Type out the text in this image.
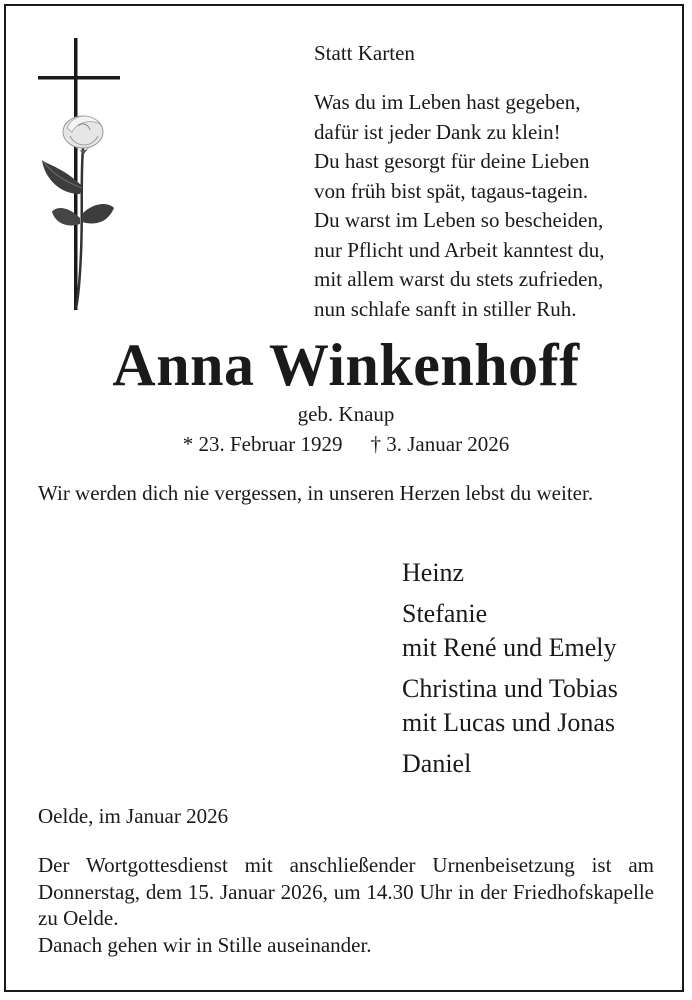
Statt Karten
Was du im Leben hast gegeben,
dafür ist jeder Dank zu klein!
Du hast gesorgt für deine Lieben
von früh bist spät, tagaus-tagein.
Du warst im Leben so bescheiden,
nur Pflicht und Arbeit kanntest du,
mit allem warst du stets zufrieden,
nun schlafe sanft in stiller Ruh.
Anna Winkenhoff
geb. Knaup
* 23. Februar 1929 † 3. Januar 2026
Wir werden dich nie vergessen, in unseren Herzen lebst du weiter.
Heinz
Stefanie
mit René und Emely
Christina und Tobias
mit Lucas und Jonas
Daniel
Oelde, im Januar 2026
Der Wortgottesdienst mit anschließender Urnenbeisetzung ist am Donnerstag, dem 15. Januar 2026, um 14.30 Uhr in der Friedhofskapelle zu Oelde.
Danach gehen wir in Stille auseinander.
